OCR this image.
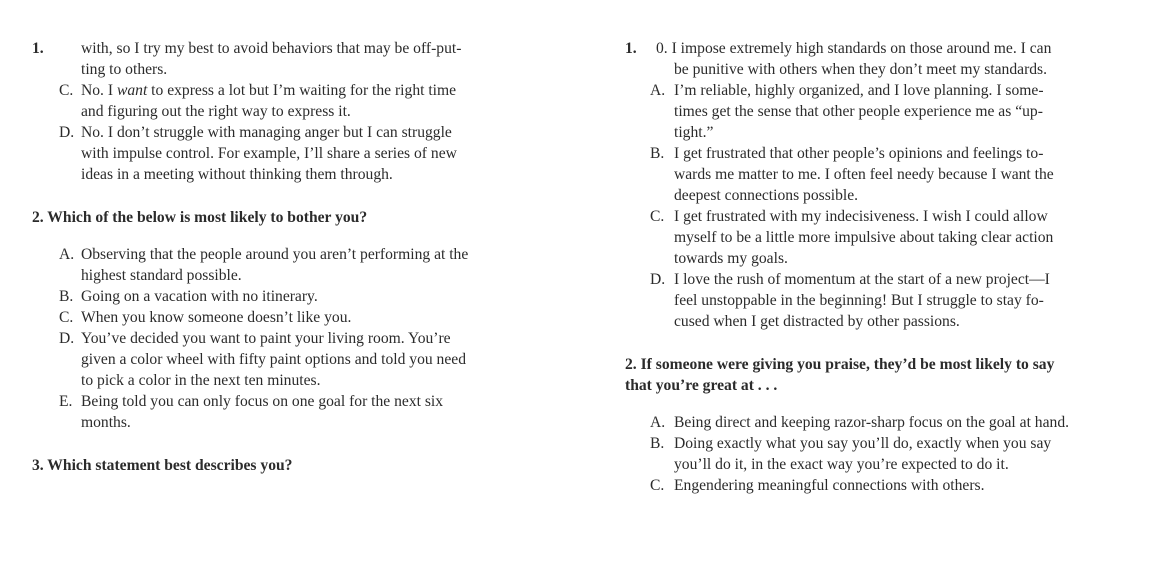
1. with, so I try my best to avoid behaviors that may be off-put-
ting to others.
C. No. I want to express a lot but I’m waiting for the right time
and figuring out the right way to express it.
D. No. I don’t struggle with managing anger but I can struggle
with impulse control. For example, I’ll share a series of new
ideas in a meeting without thinking them through.

2. Which of the below is most likely to bother you?

A. Observing that the people around you aren’t performing at the
highest standard possible.
B. Going on a vacation with no itinerary.
C. When you know someone doesn’t like you.
D. You’ve decided you want to paint your living room. You’re
given a color wheel with fifty paint options and told you need
to pick a color in the next ten minutes.
E. Being told you can only focus on one goal for the next six
months.

3. Which statement best describes you?

1. 0. I impose extremely high standards on those around me. I can
be punitive with others when they don’t meet my standards.
A. I’m reliable, highly organized, and I love planning. I some-
times get the sense that other people experience me as “up-
tight.”
B. I get frustrated that other people’s opinions and feelings to-
wards me matter to me. I often feel needy because I want the
deepest connections possible.
C. I get frustrated with my indecisiveness. I wish I could allow
myself to be a little more impulsive about taking clear action
towards my goals.
D. I love the rush of momentum at the start of a new project—I
feel unstoppable in the beginning! But I struggle to stay fo-
cused when I get distracted by other passions.
2. If someone were giving you praise, they’d be most likely to say
that you’re great at . . .
A. Being direct and keeping razor-sharp focus on the goal at hand.
B. Doing exactly what you say you’ll do, exactly when you say
you’ll do it, in the exact way you’re expected to do it.
C. Engendering meaningful connections with others.
